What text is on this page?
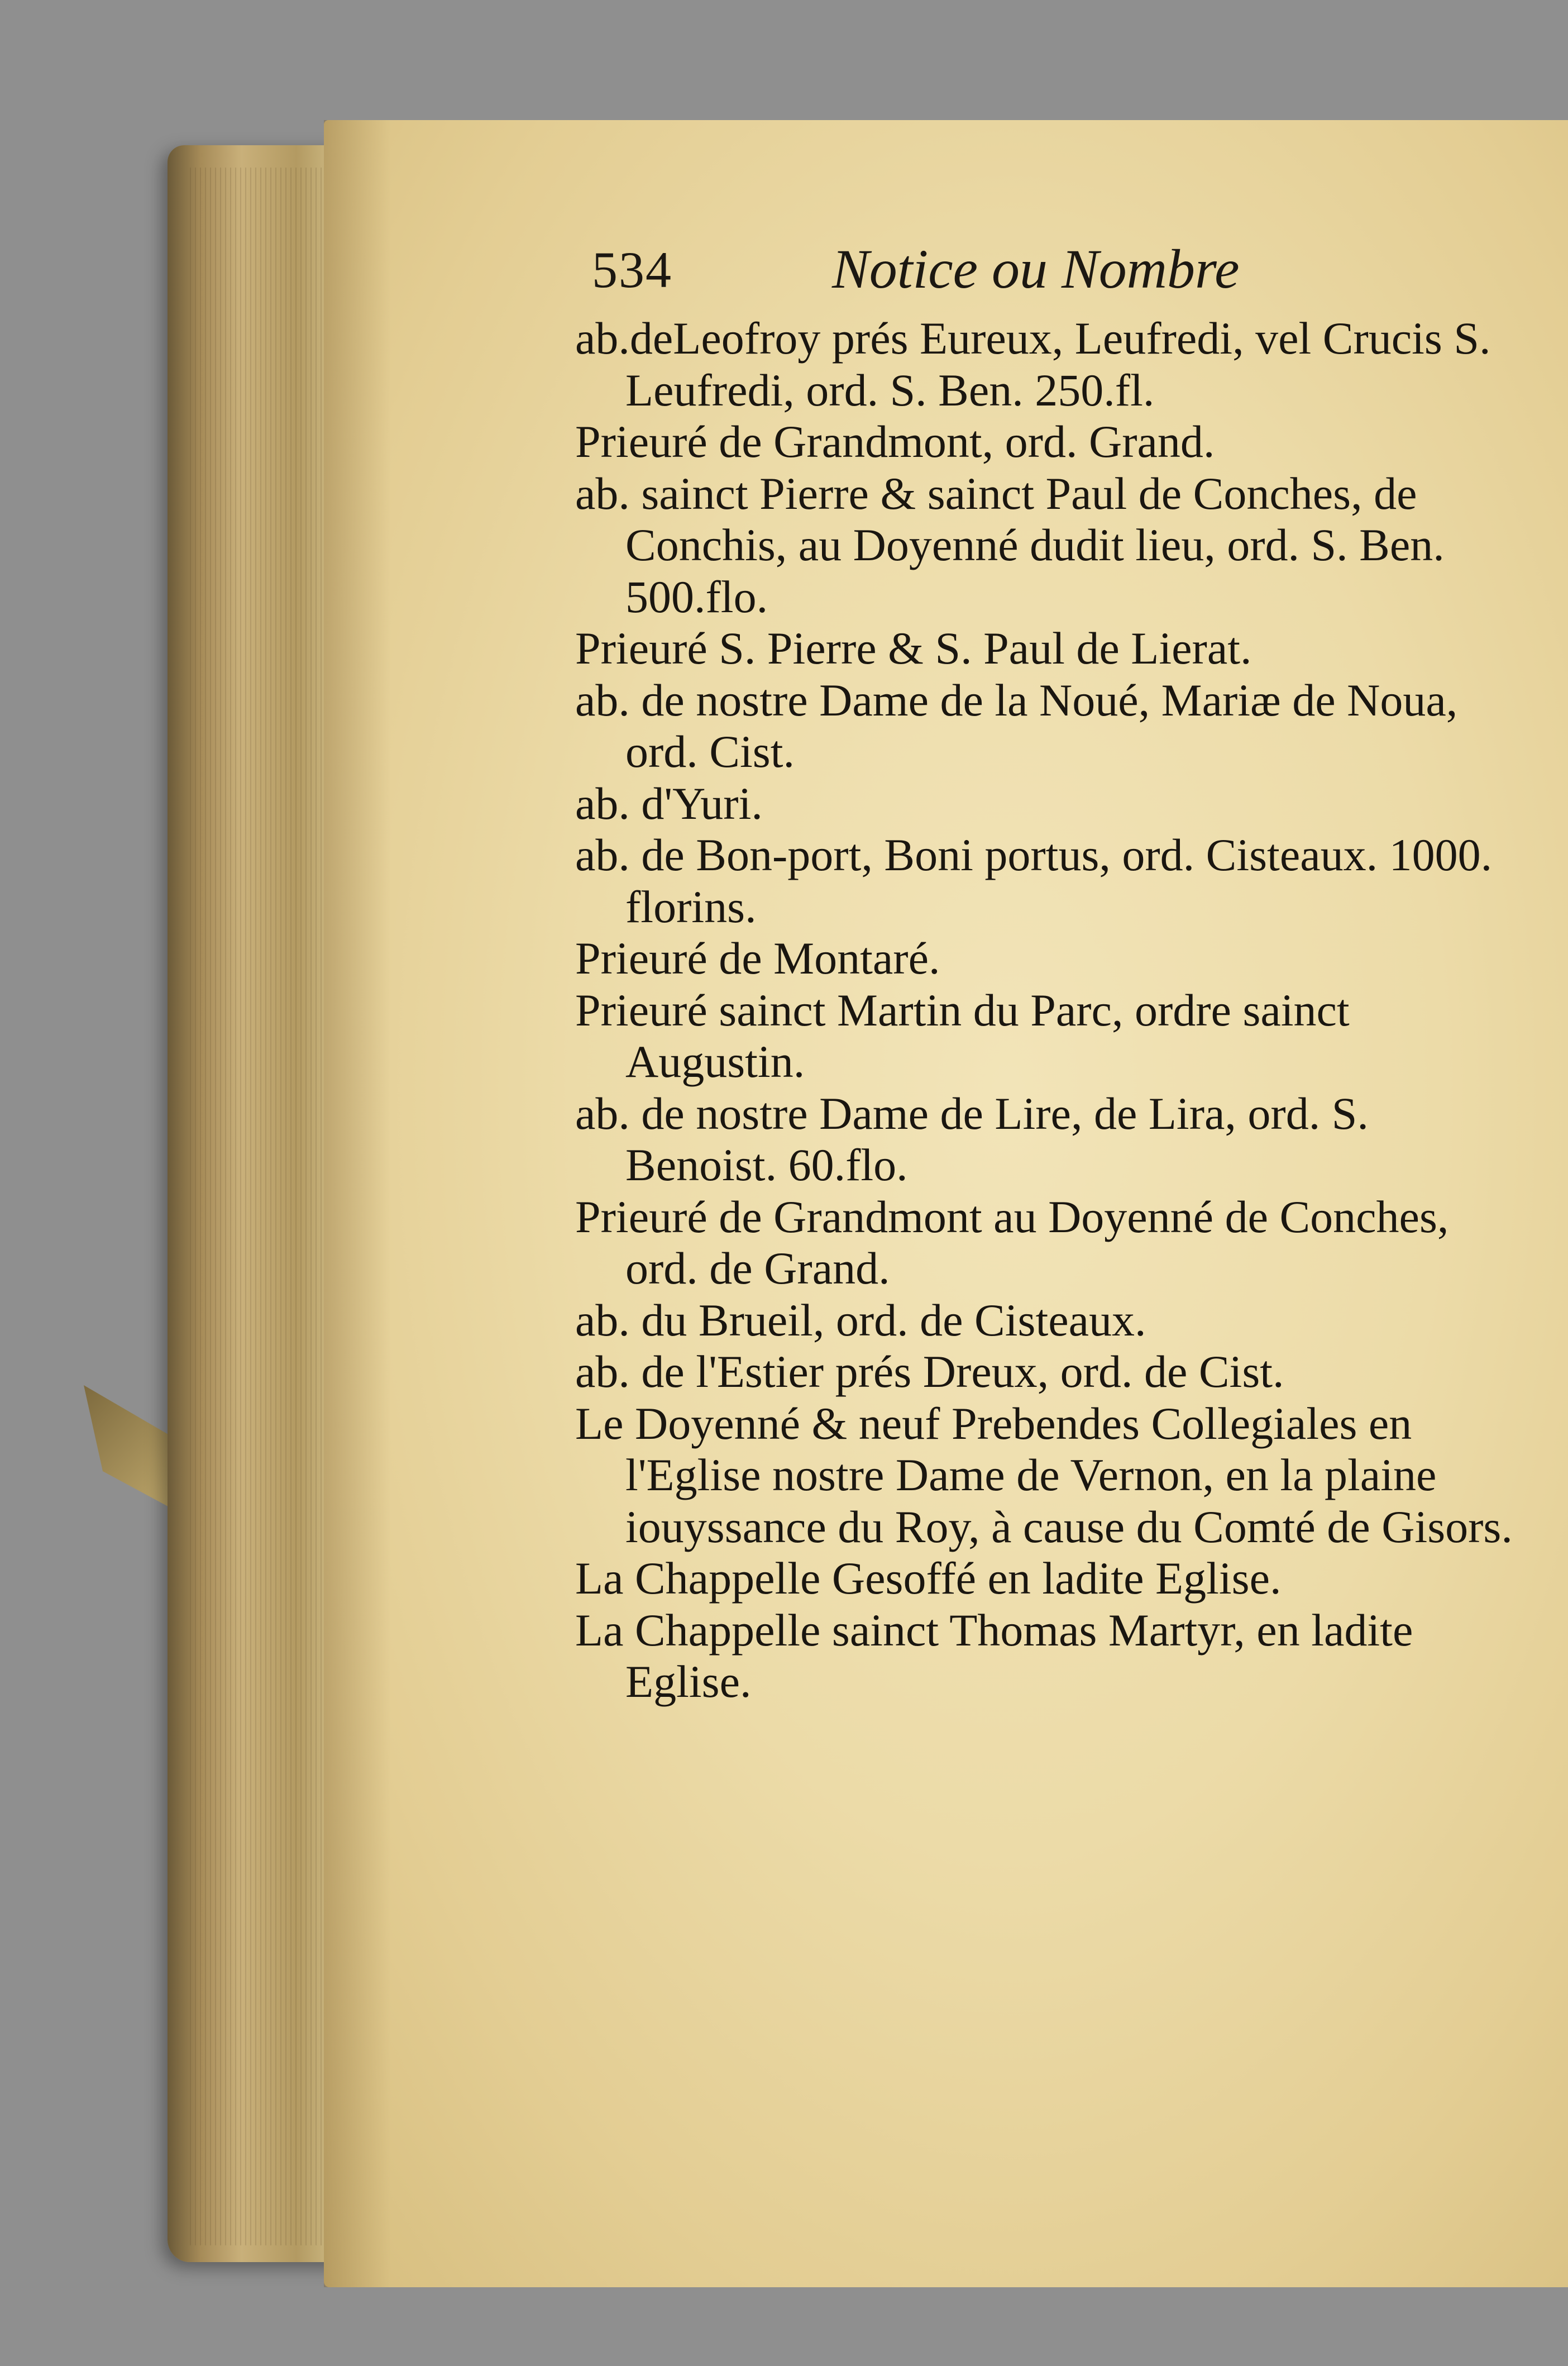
534	Notice ou Nombre

ab.deLeofroy prés Eureux, Leufredi, vel Crucis S. Leufredi, ord. S. Ben. 250.fl.

Prieuré de Grandmont, ord. Grand.

ab. sainct Pierre & sainct Paul de Conches, de Conchis, au Doyenné dudit lieu, ord. S. Ben. 500.flo.

Prieuré S. Pierre & S. Paul de Lierat.

ab. de nostre Dame de la Noué, Mariæ de Noua, ord. Cist.

ab. d'Yuri.

ab. de Bon-port, Boni portus, ord. Cisteaux. 1000. florins.

Prieuré de Montaré.

Prieuré sainct Martin du Parc, ordre sainct Augustin.

ab. de nostre Dame de Lire, de Lira, ord. S. Benoist. 60.flo.

Prieuré de Grandmont au Doyenné de Conches, ord. de Grand.

ab. du Brueil, ord. de Cisteaux.

ab. de l'Estier prés Dreux, ord. de Cist.

Le Doyenné & neuf Prebendes Collegiales en l'Eglise nostre Dame de Vernon, en la plaine iouyssance du Roy, à cause du Comté de Gisors.

La Chappelle Gesoffé en ladite Eglise.

La Chappelle sainct Thomas Martyr, en ladite Eglise.
